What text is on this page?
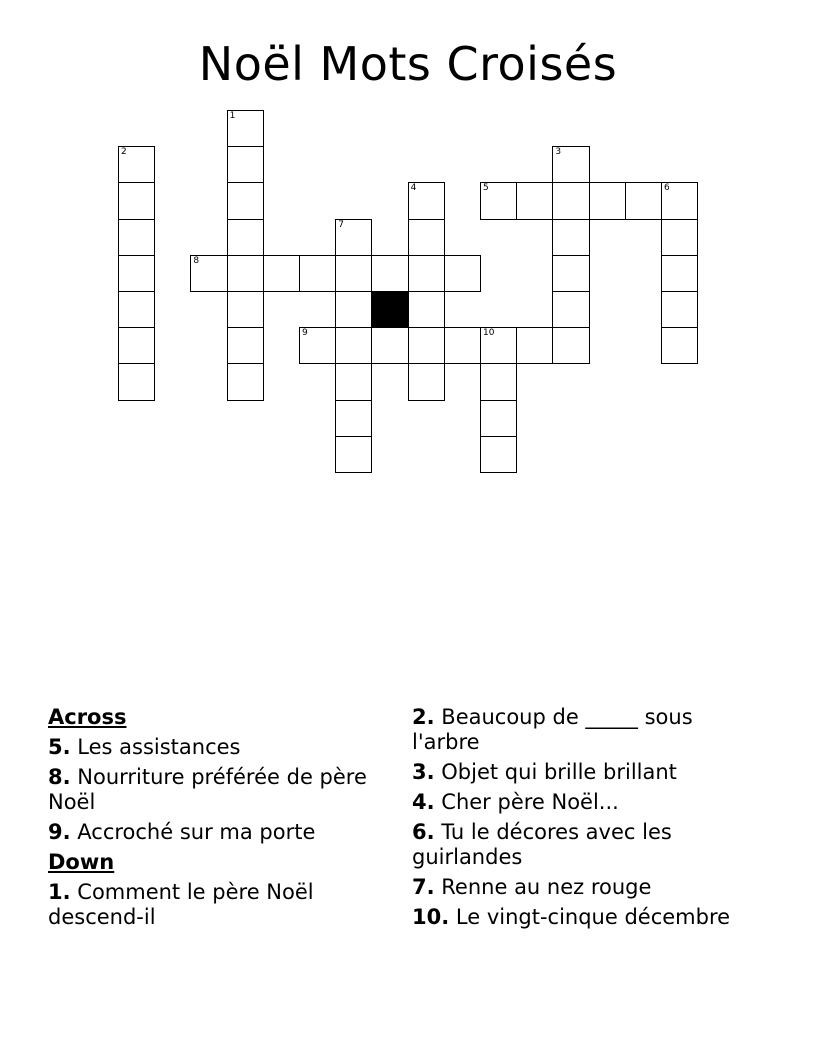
Noël Mots Croisés
1
2	3
4	5	6
7
8
9	10
Across
5. Les assistances
8. Nourriture préférée de père Noël
9. Accroché sur ma porte
Down
1. Comment le père Noël descend-il
2. Beaucoup de _____ sous l'arbre
3. Objet qui brille brillant
4. Cher père Noël...
6. Tu le décores avec les guirlandes
7. Renne au nez rouge
10. Le vingt-cinque décembre
